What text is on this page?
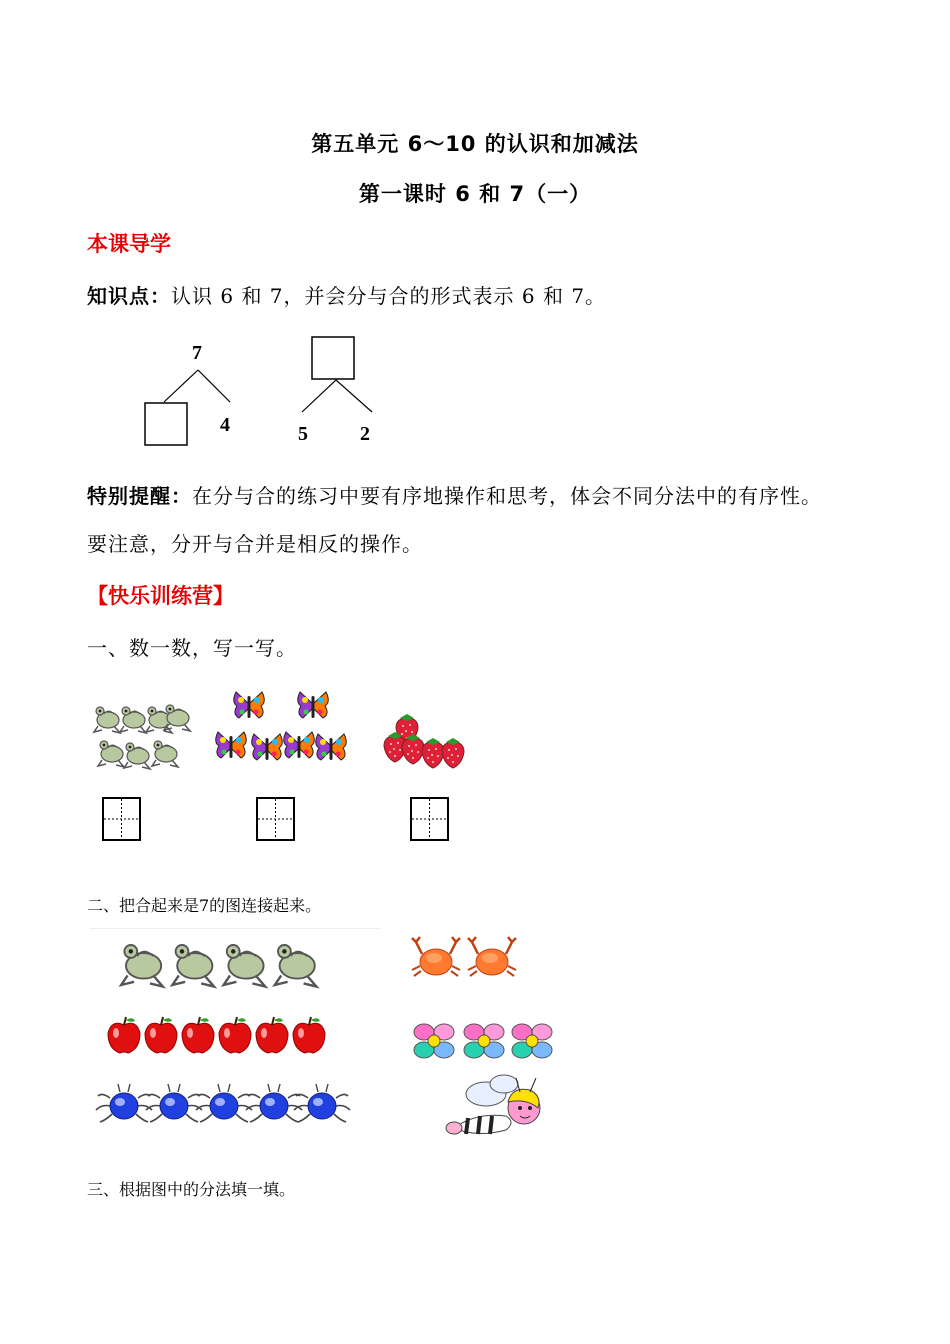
第五单元 6～10 的认识和加减法
第一课时 6 和 7（一）
本课导学
知识点：认识 6 和 7，并会分与合的形式表示 6 和 7。
7
4	5	2
特别提醒：在分与合的练习中要有序地操作和思考，体会不同分法中的有序性。
要注意，分开与合并是相反的操作。
【快乐训练营】
一、数一数，写一写。
二、把合起来是7的图连接起来。
三、根据图中的分法填一填。
